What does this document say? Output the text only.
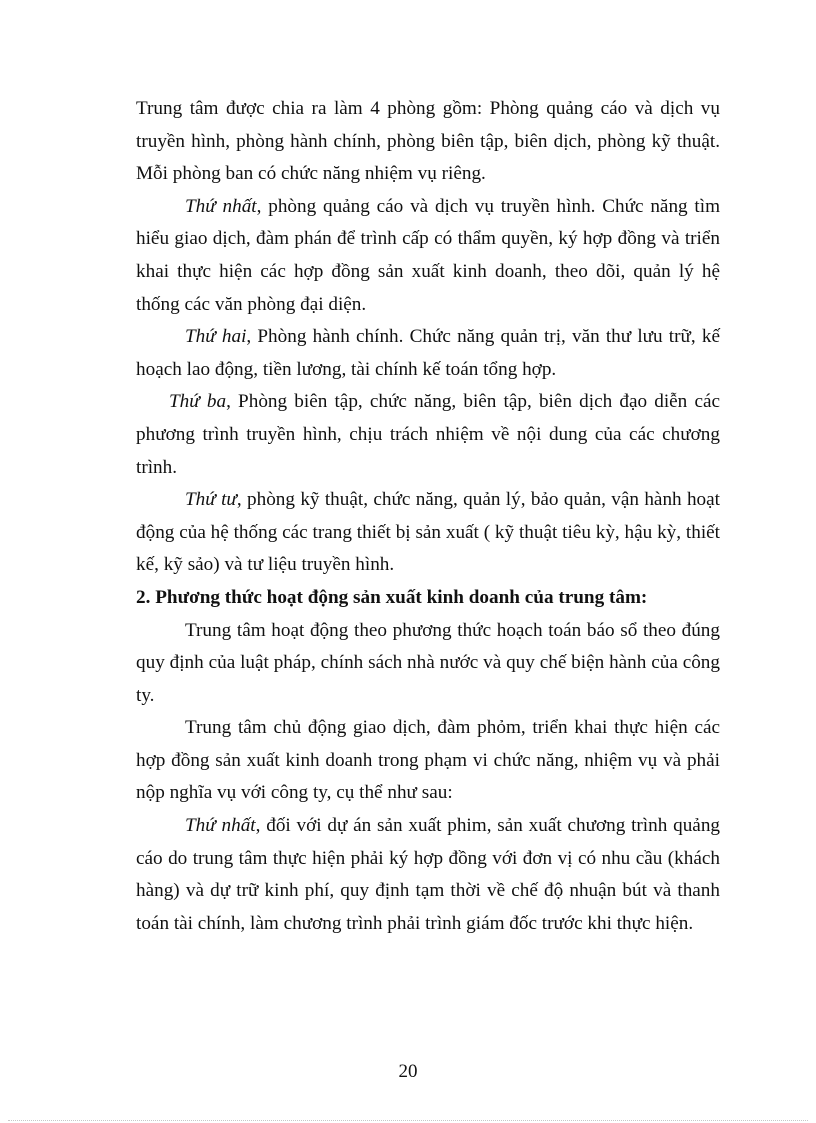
Trung tâm được chia ra làm 4 phòng gồm: Phòng quảng cáo và dịch vụ truyền hình, phòng hành chính, phòng biên tập, biên dịch, phòng kỹ thuật. Mỗi phòng ban có chức năng nhiệm vụ riêng.

Thứ nhất, phòng quảng cáo và dịch vụ truyền hình. Chức năng tìm hiểu giao dịch, đàm phán để trình cấp có thẩm quyền, ký hợp đồng và triển khai thực hiện các hợp đồng sản xuất kinh doanh, theo dõi, quản lý hệ thống các văn phòng đại diện.

Thứ hai, Phòng hành chính. Chức năng quản trị, văn thư lưu trữ, kế hoạch lao động, tiền lương, tài chính kế toán tổng hợp.

Thứ ba, Phòng biên tập, chức năng, biên tập, biên dịch đạo diễn các phương trình truyền hình, chịu trách nhiệm về nội dung của các chương trình.

Thứ tư, phòng kỹ thuật, chức năng, quản lý, bảo quản, vận hành hoạt động của hệ thống các trang thiết bị sản xuất ( kỹ thuật tiêu kỳ, hậu kỳ, thiết kế, kỹ sảo) và tư liệu truyền hình.

2. Phương thức hoạt động sản xuất kinh doanh của trung tâm:

Trung tâm hoạt động theo phương thức hoạch toán báo sổ theo đúng quy định của luật pháp, chính sách nhà nước và quy chế biện hành của công ty.

Trung tâm chủ động giao dịch, đàm phỏm, triển khai thực hiện các hợp đồng sản xuất kinh doanh trong phạm vi chức năng, nhiệm vụ và phải nộp nghĩa vụ với công ty, cụ thể như sau:

Thứ nhất, đối với dự án sản xuất phim, sản xuất chương trình quảng cáo do trung tâm thực hiện phải ký hợp đồng với đơn vị có nhu cầu (khách hàng) và dự trữ kinh phí, quy định tạm thời về chế độ nhuận bút và thanh toán tài chính, làm chương trình phải trình giám đốc trước khi thực hiện.

20
